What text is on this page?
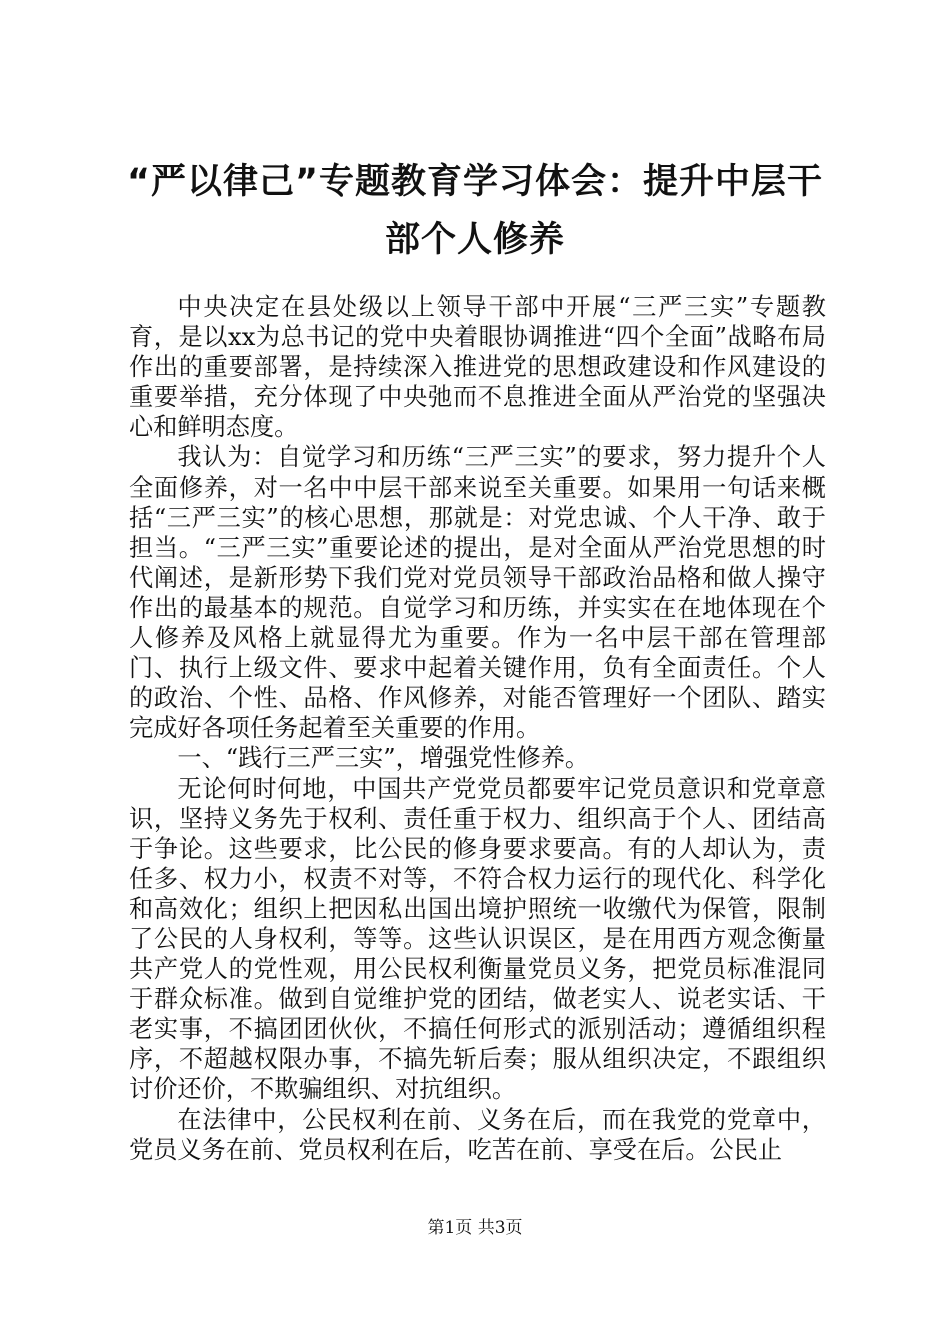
“严以律己”专题教育学习体会：提升中层干
部个人修养

中央决定在县处级以上领导干部中开展“三严三实”专题教育，是以xx为总书记的党中央着眼协调推进“四个全面”战略布局作出的重要部署，是持续深入推进党的思想政建设和作风建设的重要举措，充分体现了中央弛而不息推进全面从严治党的坚强决心和鲜明态度。

我认为：自觉学习和历练“三严三实”的要求，努力提升个人全面修养，对一名中中层干部来说至关重要。如果用一句话来概括“三严三实”的核心思想，那就是：对党忠诚、个人干净、敢于担当。“三严三实”重要论述的提出，是对全面从严治党思想的时代阐述，是新形势下我们党对党员领导干部政治品格和做人操守作出的最基本的规范。自觉学习和历练，并实实在在地体现在个人修养及风格上就显得尤为重要。作为一名中层干部在管理部门、执行上级文件、要求中起着关键作用，负有全面责任。个人的政治、个性、品格、作风修养，对能否管理好一个团队、踏实完成好各项任务起着至关重要的作用。

一、“践行三严三实”，增强党性修养。

无论何时何地，中国共产党党员都要牢记党员意识和党章意识，坚持义务先于权利、责任重于权力、组织高于个人、团结高于争论。这些要求，比公民的修身要求要高。有的人却认为，责任多、权力小，权责不对等，不符合权力运行的现代化、科学化和高效化；组织上把因私出国出境护照统一收缴代为保管，限制了公民的人身权利，等等。这些认识误区，是在用西方观念衡量共产党人的党性观，用公民权利衡量党员义务，把党员标准混同于群众标准。做到自觉维护党的团结，做老实人、说老实话、干老实事，不搞团团伙伙，不搞任何形式的派别活动；遵循组织程序，不超越权限办事，不搞先斩后奏；服从组织决定，不跟组织讨价还价，不欺骗组织、对抗组织。

在法律中，公民权利在前、义务在后，而在我党的党章中，党员义务在前、党员权利在后，吃苦在前、享受在后。公民止

第1页 共3页
